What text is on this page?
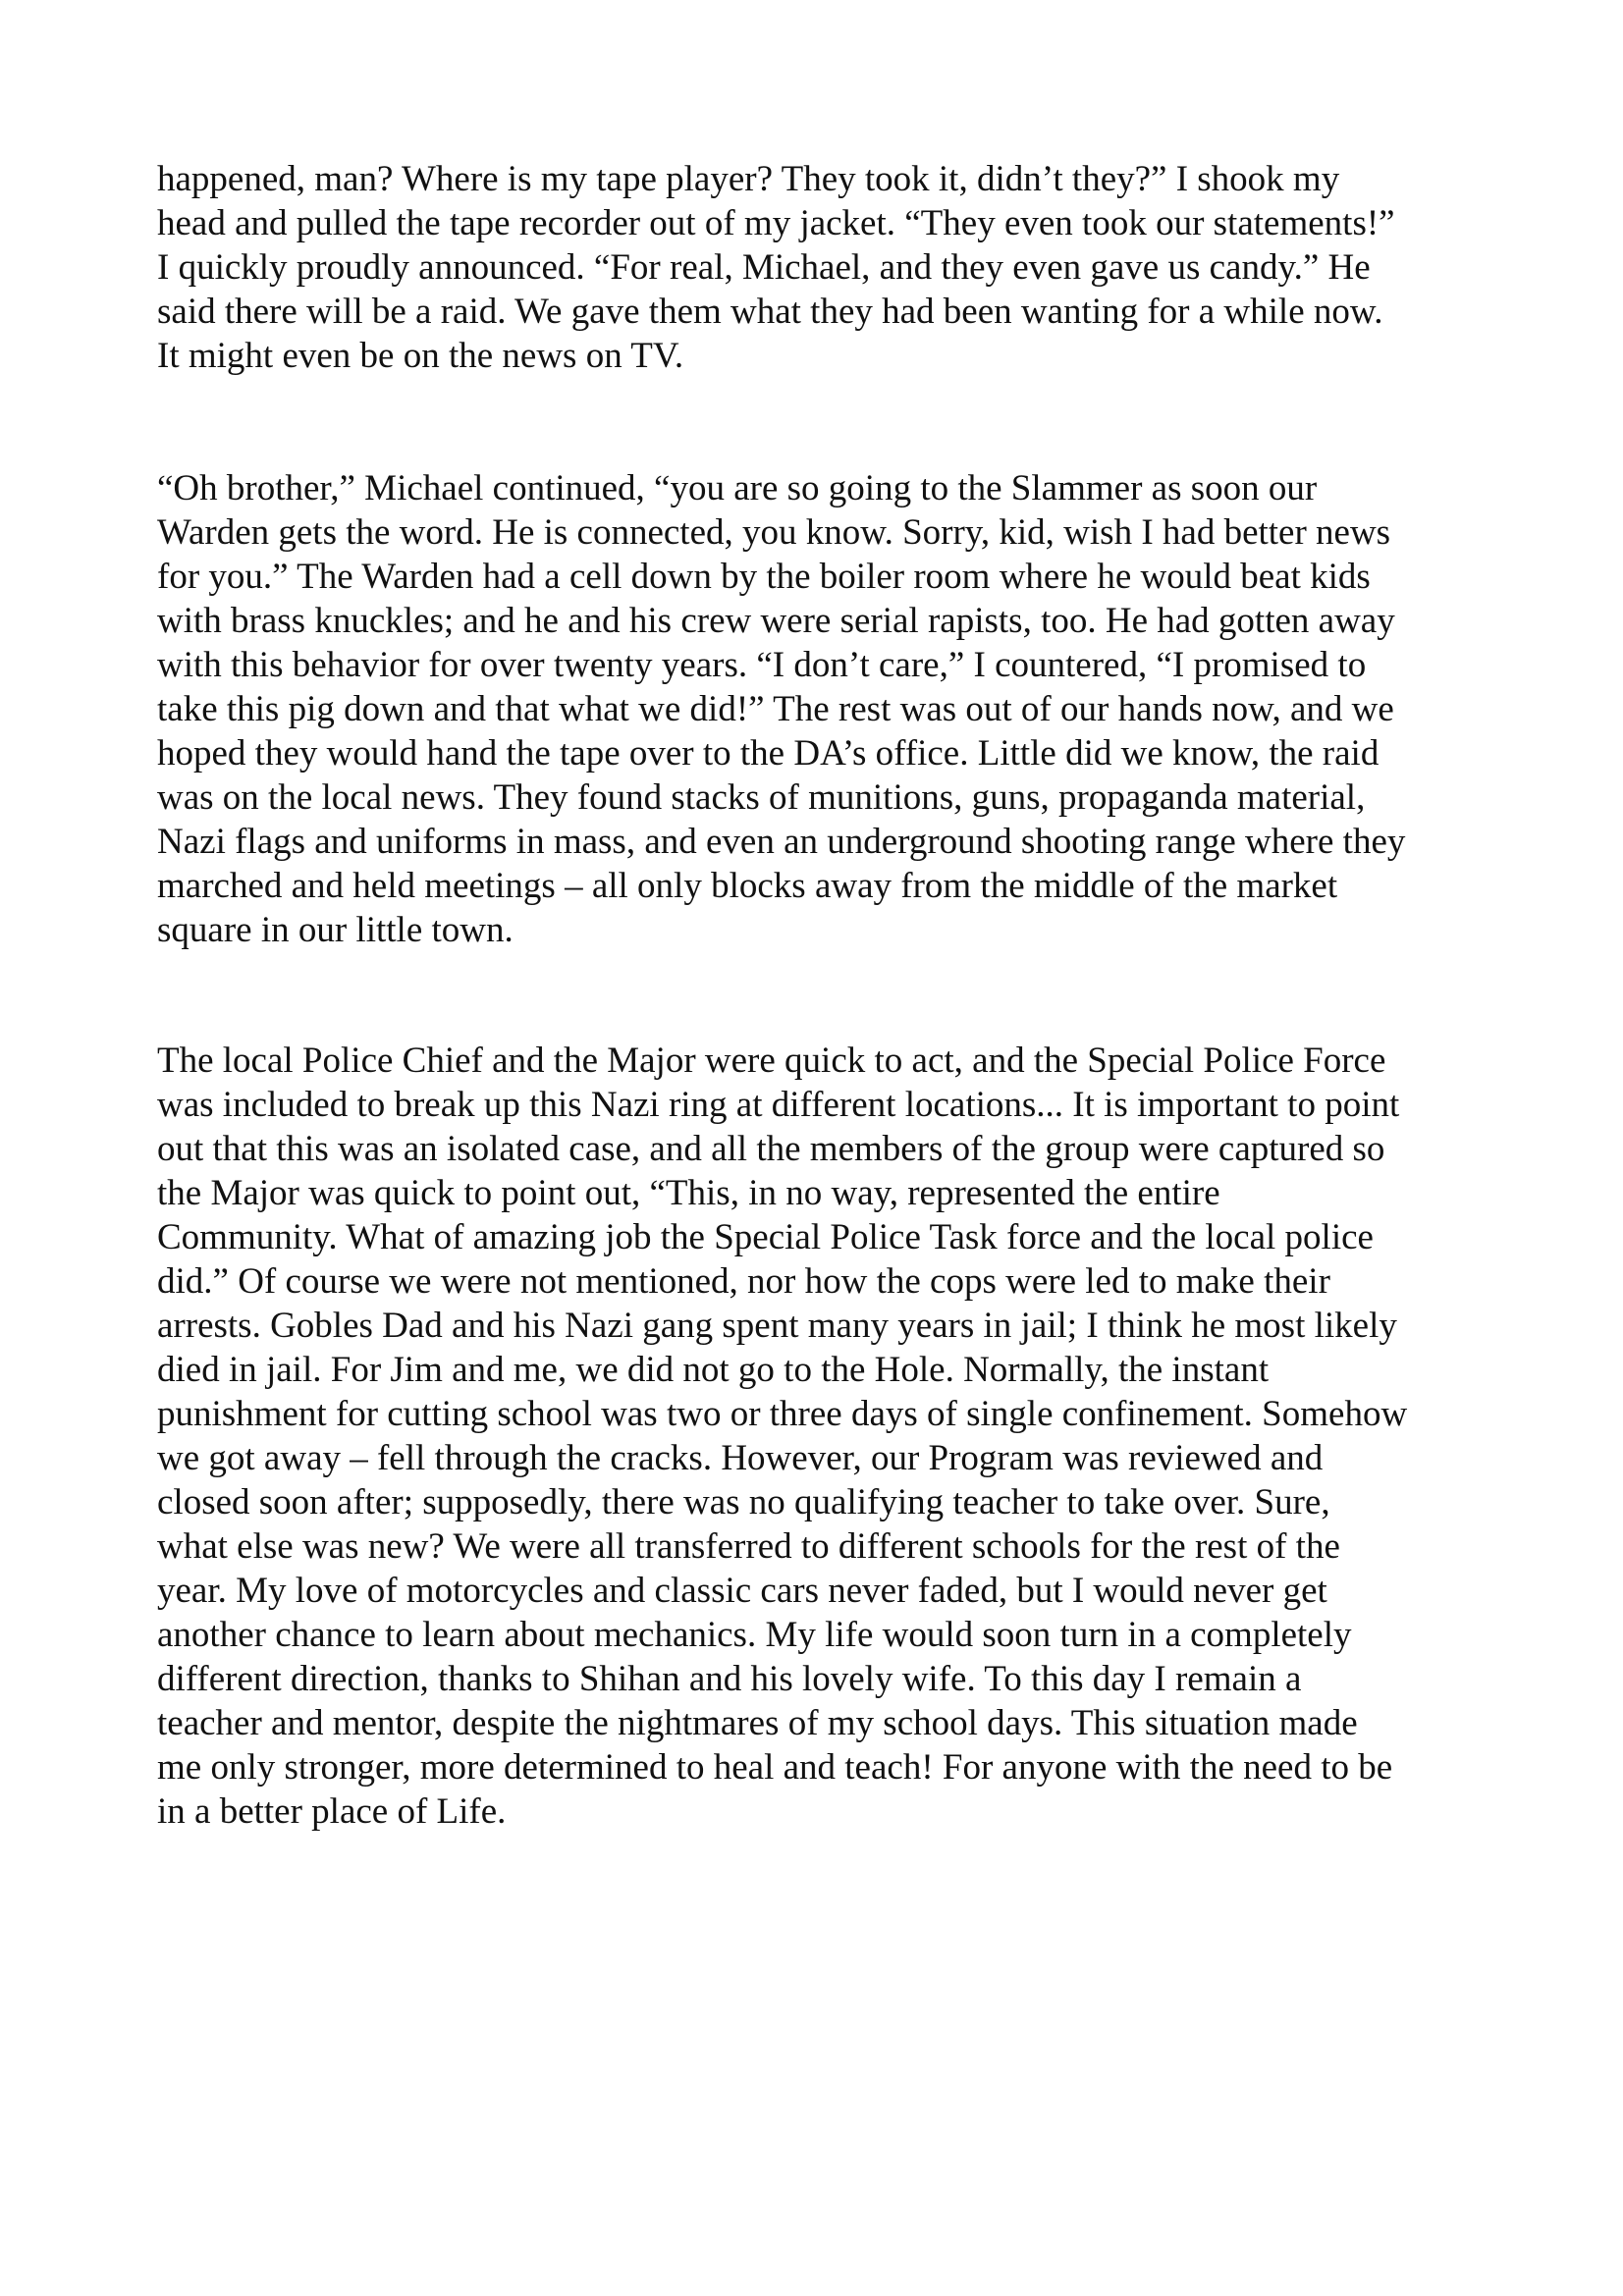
happened, man? Where is my tape player? They took it, didn’t they?” I shook my
head and pulled the tape recorder out of my jacket. “They even took our statements!”
I quickly proudly announced. “For real, Michael, and they even gave us candy.” He
said there will be a raid. We gave them what they had been wanting for a while now.
It might even be on the news on TV.
“Oh brother,” Michael continued, “you are so going to the Slammer as soon our
Warden gets the word. He is connected, you know. Sorry, kid, wish I had better news
for you.” The Warden had a cell down by the boiler room where he would beat kids
with brass knuckles; and he and his crew were serial rapists, too. He had gotten away
with this behavior for over twenty years. “I don’t care,” I countered, “I promised to
take this pig down and that what we did!” The rest was out of our hands now, and we
hoped they would hand the tape over to the DA’s office. Little did we know, the raid
was on the local news. They found stacks of munitions, guns, propaganda material,
Nazi flags and uniforms in mass, and even an underground shooting range where they
marched and held meetings – all only blocks away from the middle of the market
square in our little town.
The local Police Chief and the Major were quick to act, and the Special Police Force
was included to break up this Nazi ring at different locations... It is important to point
out that this was an isolated case, and all the members of the group were captured so
the Major was quick to point out, “This, in no way, represented the entire
Community. What of amazing job the Special Police Task force and the local police
did.” Of course we were not mentioned, nor how the cops were led to make their
arrests. Gobles Dad and his Nazi gang spent many years in jail; I think he most likely
died in jail. For Jim and me, we did not go to the Hole. Normally, the instant
punishment for cutting school was two or three days of single confinement. Somehow
we got away – fell through the cracks. However, our Program was reviewed and
closed soon after; supposedly, there was no qualifying teacher to take over. Sure,
what else was new? We were all transferred to different schools for the rest of the
year. My love of motorcycles and classic cars never faded, but I would never get
another chance to learn about mechanics. My life would soon turn in a completely
different direction, thanks to Shihan and his lovely wife. To this day I remain a
teacher and mentor, despite the nightmares of my school days. This situation made
me only stronger, more determined to heal and teach! For anyone with the need to be
in a better place of Life.
